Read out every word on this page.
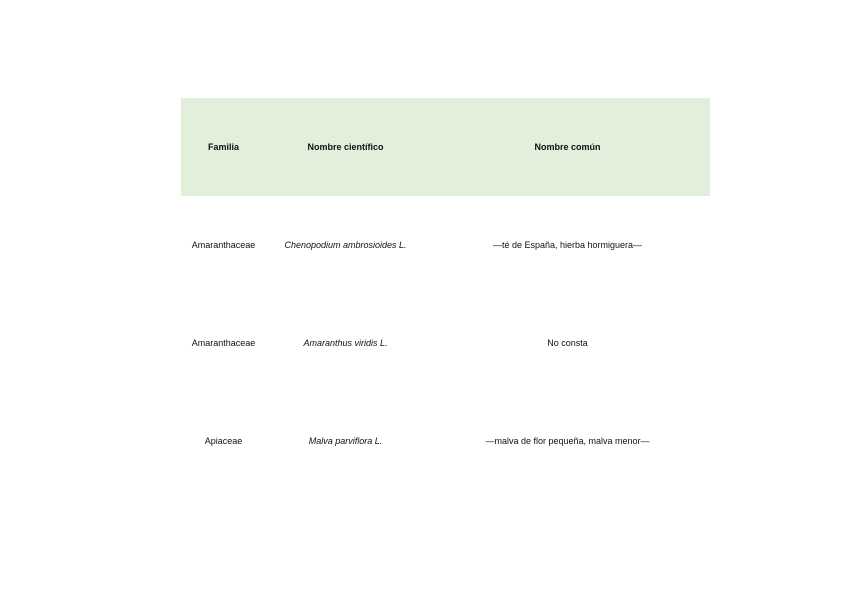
Familia	Nombre científico	Nombre común
Amaranthaceae	Chenopodium ambrosioides L.	—té de España, hierba hormiguera—
Amaranthaceae	Amaranthus viridis L.	No consta
Apiaceae	Malva parviflora L.	—malva de flor pequeña, malva menor—
